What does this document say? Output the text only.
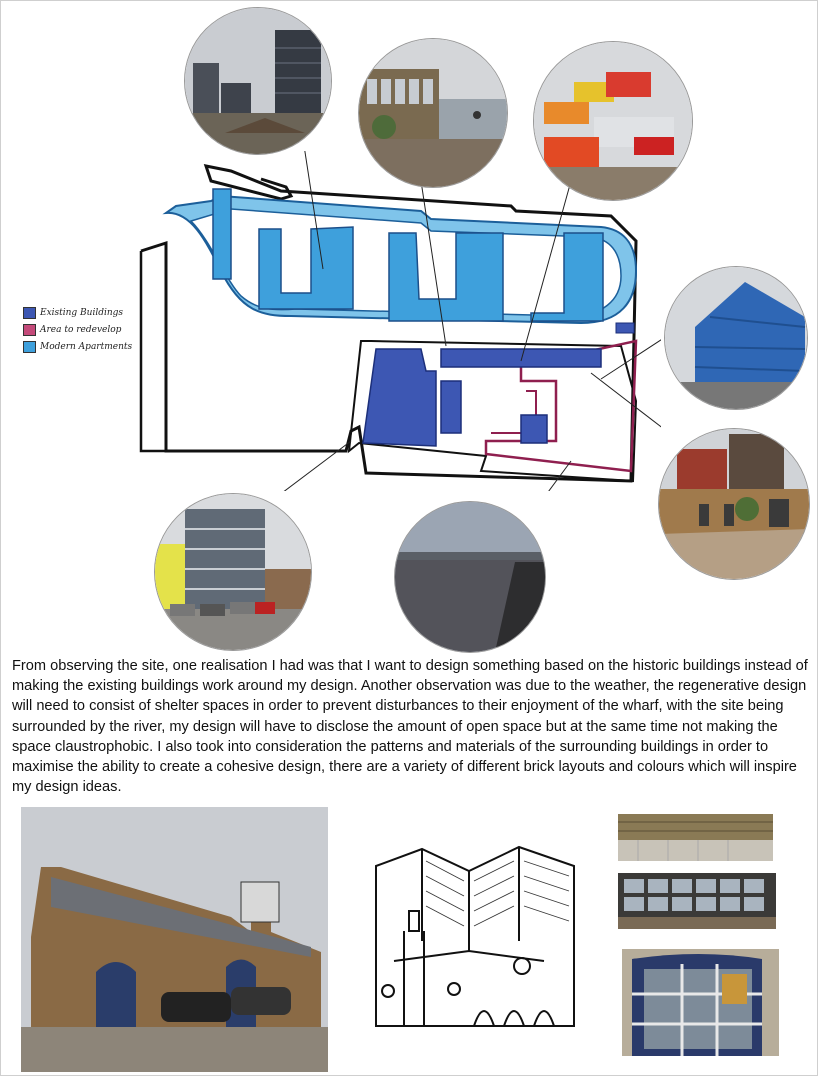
Existing Buildings
Area to redevelop
Modern Apartments
From observing the site, one realisation I had was that I want to design something based on the historic buildings instead of making the existing buildings work around my design. Another observation was due to the weather, the regenerative design will need to consist of shelter spaces in order to prevent disturbances to their enjoyment of the wharf, with the site being surrounded by the river, my design will have to disclose the amount of open space but at the same time not making the space claustrophobic. I also took into consideration the patterns and materials of the surrounding buildings in order to maximise the ability to create a cohesive design, there are a variety of different brick layouts and colours which will inspire my design ideas.
